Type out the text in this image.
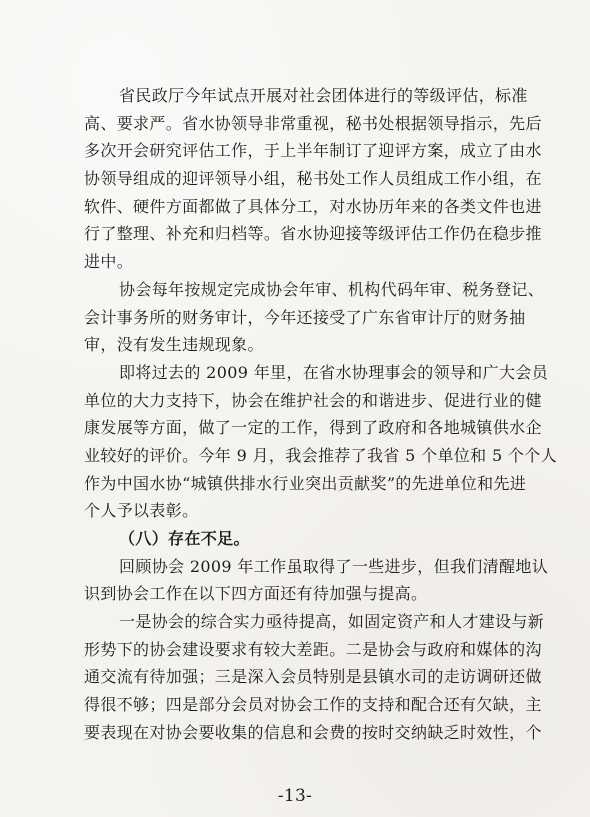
省民政厅今年试点开展对社会团体进行的等级评估，标准
高、要求严。省水协领导非常重视，秘书处根据领导指示，先后
多次开会研究评估工作，于上半年制订了迎评方案，成立了由水
协领导组成的迎评领导小组，秘书处工作人员组成工作小组，在
软件、硬件方面都做了具体分工，对水协历年来的各类文件也进
行了整理、补充和归档等。省水协迎接等级评估工作仍在稳步推
进中。
协会每年按规定完成协会年审、机构代码年审、税务登记、
会计事务所的财务审计，今年还接受了广东省审计厅的财务抽
审，没有发生违规现象。
即将过去的 2009 年里，在省水协理事会的领导和广大会员
单位的大力支持下，协会在维护社会的和谐进步、促进行业的健
康发展等方面，做了一定的工作，得到了政府和各地城镇供水企
业较好的评价。今年 9 月，我会推荐了我省 5 个单位和 5 个个人
作为中国水协“城镇供排水行业突出贡献奖”的先进单位和先进
个人予以表彰。
（八）存在不足。
回顾协会 2009 年工作虽取得了一些进步，但我们清醒地认
识到协会工作在以下四方面还有待加强与提高。
一是协会的综合实力亟待提高，如固定资产和人才建设与新
形势下的协会建设要求有较大差距。二是协会与政府和媒体的沟
通交流有待加强；三是深入会员特别是县镇水司的走访调研还做
得很不够；四是部分会员对协会工作的支持和配合还有欠缺，主
要表现在对协会要收集的信息和会费的按时交纳缺乏时效性，个
-13-
